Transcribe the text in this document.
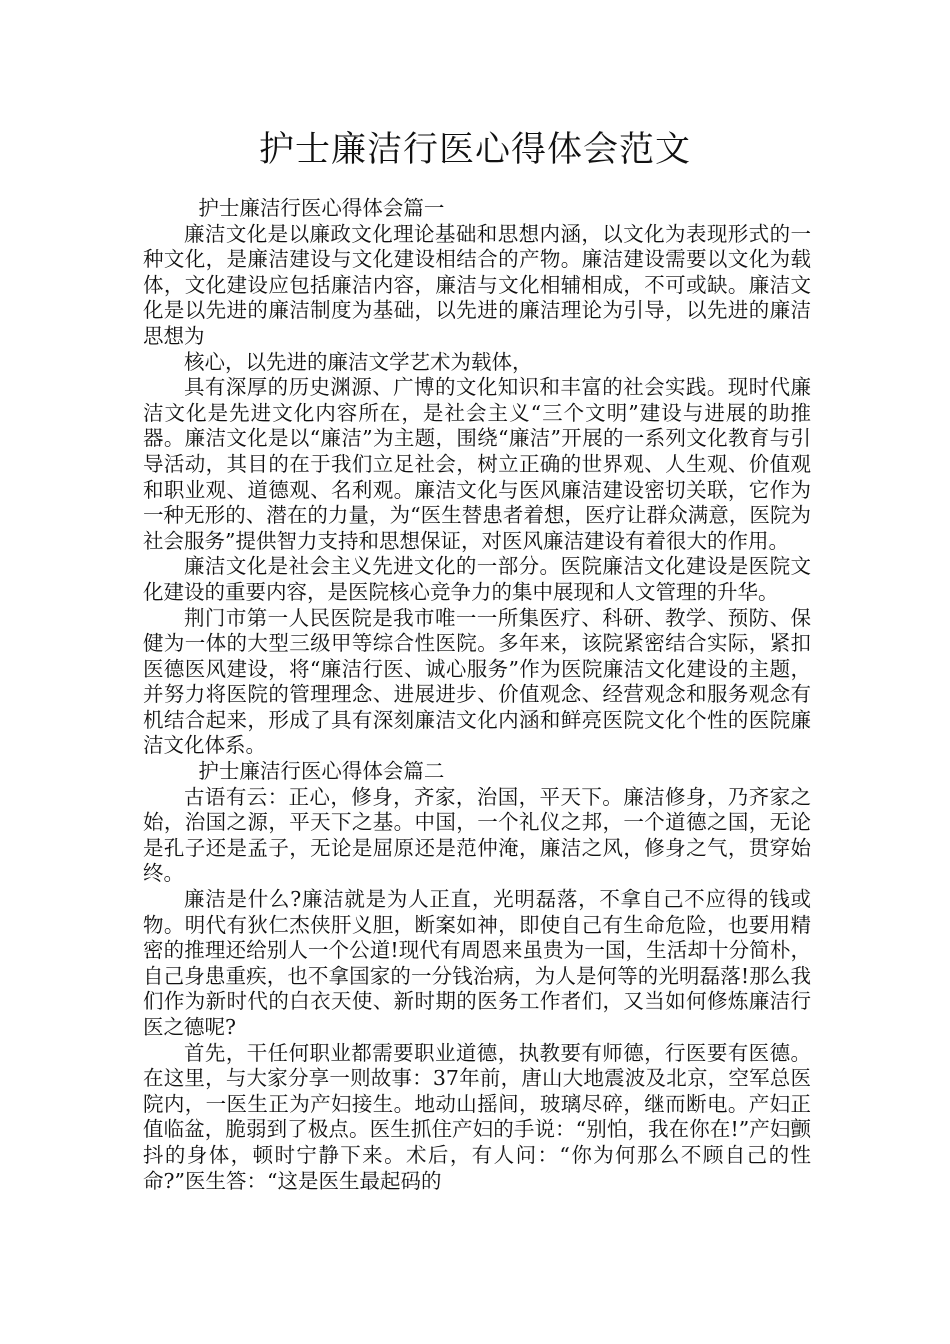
护士廉洁行医心得体会范文

护士廉洁行医心得体会篇一

廉洁文化是以廉政文化理论基础和思想内涵，以文化为表现形式的一种文化，是廉洁建设与文化建设相结合的产物。廉洁建设需要以文化为载体，文化建设应包括廉洁内容，廉洁与文化相辅相成，不可或缺。廉洁文化是以先进的廉洁制度为基础，以先进的廉洁理论为引导，以先进的廉洁思想为

核心，以先进的廉洁文学艺术为载体，

具有深厚的历史渊源、广博的文化知识和丰富的社会实践。现时代廉洁文化是先进文化内容所在，是社会主义“三个文明”建设与进展的助推器。廉洁文化是以“廉洁”为主题，围绕“廉洁”开展的一系列文化教育与引导活动，其目的在于我们立足社会，树立正确的世界观、人生观、价值观和职业观、道德观、名利观。廉洁文化与医风廉洁建设密切关联，它作为一种无形的、潜在的力量，为“医生替患者着想，医疗让群众满意，医院为社会服务”提供智力支持和思想保证，对医风廉洁建设有着很大的作用。

廉洁文化是社会主义先进文化的一部分。医院廉洁文化建设是医院文化建设的重要内容，是医院核心竞争力的集中展现和人文管理的升华。

荆门市第一人民医院是我市唯一一所集医疗、科研、教学、预防、保健为一体的大型三级甲等综合性医院。多年来，该院紧密结合实际，紧扣医德医风建设，将“廉洁行医、诚心服务”作为医院廉洁文化建设的主题，并努力将医院的管理理念、进展进步、价值观念、经营观念和服务观念有机结合起来，形成了具有深刻廉洁文化内涵和鲜亮医院文化个性的医院廉洁文化体系。

护士廉洁行医心得体会篇二

古语有云：正心，修身，齐家，治国，平天下。廉洁修身，乃齐家之始，治国之源，平天下之基。中国，一个礼仪之邦，一个道德之国，无论是孔子还是孟子，无论是屈原还是范仲淹，廉洁之风，修身之气，贯穿始终。

廉洁是什么?廉洁就是为人正直，光明磊落，不拿自己不应得的钱或物。明代有狄仁杰侠肝义胆，断案如神，即使自己有生命危险，也要用精密的推理还给别人一个公道!现代有周恩来虽贵为一国，生活却十分简朴，自己身患重疾，也不拿国家的一分钱治病，为人是何等的光明磊落!那么我们作为新时代的白衣天使、新时期的医务工作者们，又当如何修炼廉洁行医之德呢?

首先，干任何职业都需要职业道德，执教要有师德，行医要有医德。在这里，与大家分享一则故事：37年前，唐山大地震波及北京，空军总医院内，一医生正为产妇接生。地动山摇间，玻璃尽碎，继而断电。产妇正值临盆，脆弱到了极点。医生抓住产妇的手说：“别怕，我在你在!”产妇颤抖的身体，顿时宁静下来。术后，有人问：“你为何那么不顾自己的性命?”医生答：“这是医生最起码的
